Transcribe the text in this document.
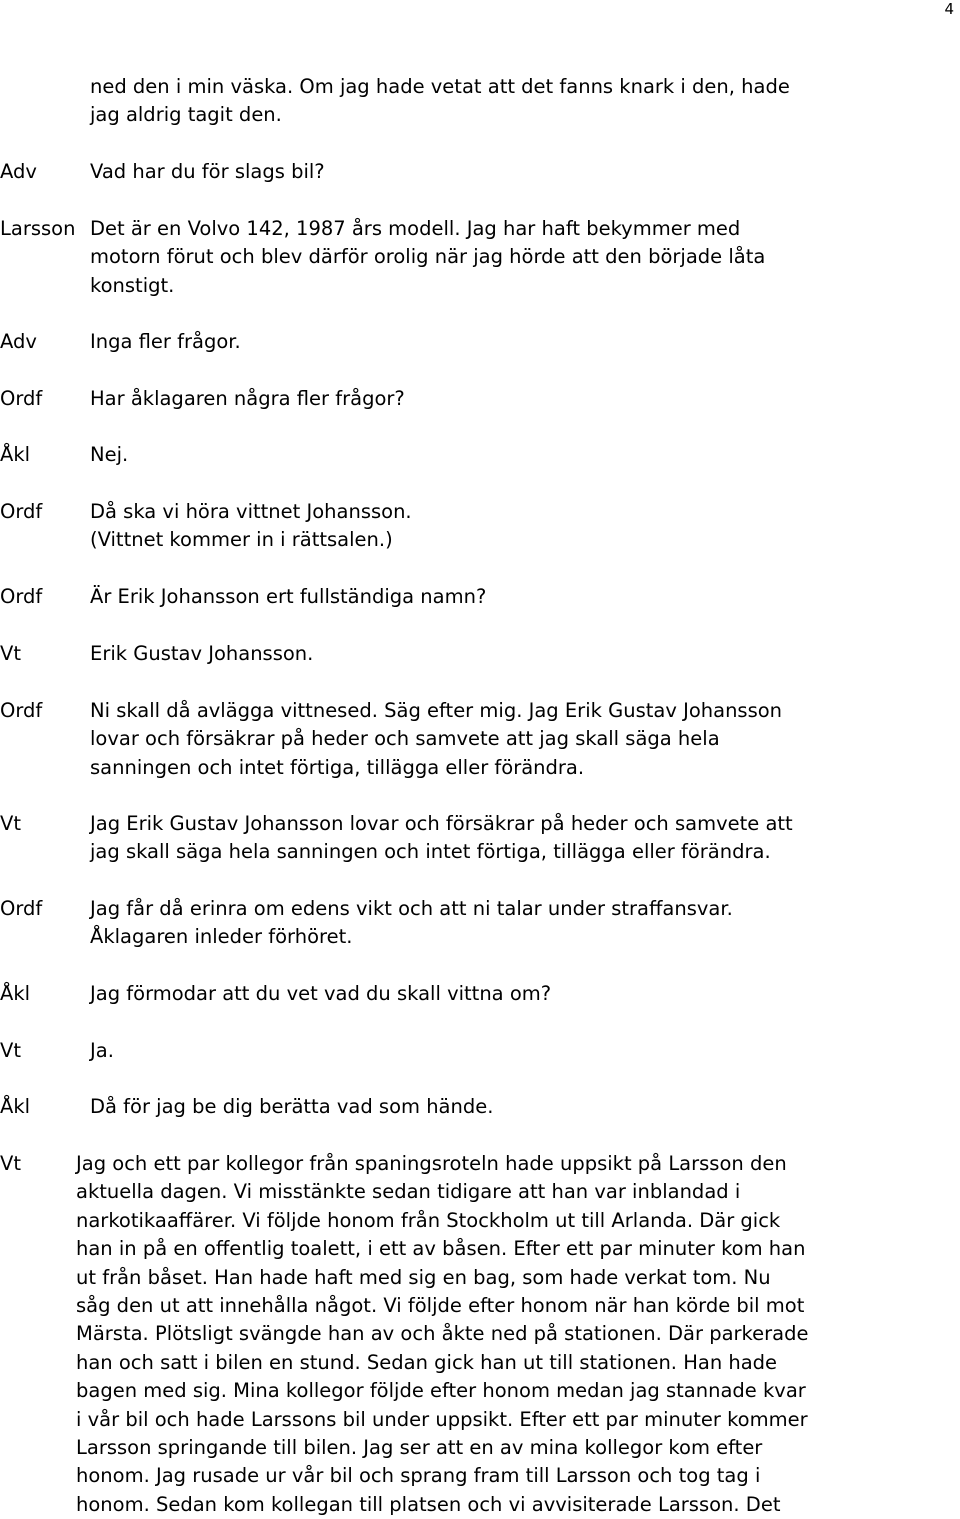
4

ned den i min väska. Om jag hade vetat att det fanns knark i den, hade
jag aldrig tagit den.

Adv	Vad har du för slags bil?

Larsson Det är en Volvo 142, 1987 års modell. Jag har haft bekymmer med
motorn förut och blev därför orolig när jag hörde att den började låta
konstigt.

Adv	Inga fler frågor.

Ordf Har åklagaren några fler frågor?

Åkl	Nej.

Ordf Då ska vi höra vittnet Johansson.
(Vittnet kommer in i rättsalen.)

Ordf Är Erik Johansson ert fullständiga namn?

Vt	Erik Gustav Johansson.

Ordf Ni skall då avlägga vittnesed. Säg efter mig. Jag Erik Gustav Johansson
lovar och försäkrar på heder och samvete att jag skall säga hela
sanningen och intet förtiga, tillägga eller förändra.

Vt	Jag Erik Gustav Johansson lovar och försäkrar på heder och samvete att
jag skall säga hela sanningen och intet förtiga, tillägga eller förändra.

Ordf Jag får då erinra om edens vikt och att ni talar under straffansvar.
Åklagaren inleder förhöret.

Åkl	Jag förmodar att du vet vad du skall vittna om?

Vt	Ja.

Åkl	Då för jag be dig berätta vad som hände.

Vt	Jag och ett par kollegor från spaningsroteln hade uppsikt på Larsson den
aktuella dagen. Vi misstänkte sedan tidigare att han var inblandad i
narkotikaaffärer. Vi följde honom från Stockholm ut till Arlanda. Där gick
han in på en offentlig toalett, i ett av båsen. Efter ett par minuter kom han
ut från båset. Han hade haft med sig en bag, som hade verkat tom. Nu
såg den ut att innehålla något. Vi följde efter honom när han körde bil mot
Märsta. Plötsligt svängde han av och åkte ned på stationen. Där parkerade
han och satt i bilen en stund. Sedan gick han ut till stationen. Han hade
bagen med sig. Mina kollegor följde efter honom medan jag stannade kvar
i vår bil och hade Larssons bil under uppsikt. Efter ett par minuter kommer
Larsson springande till bilen. Jag ser att en av mina kollegor kom efter
honom. Jag rusade ur vår bil och sprang fram till Larsson och tog tag i
honom. Sedan kom kollegan till platsen och vi avvisiterade Larsson. Det
